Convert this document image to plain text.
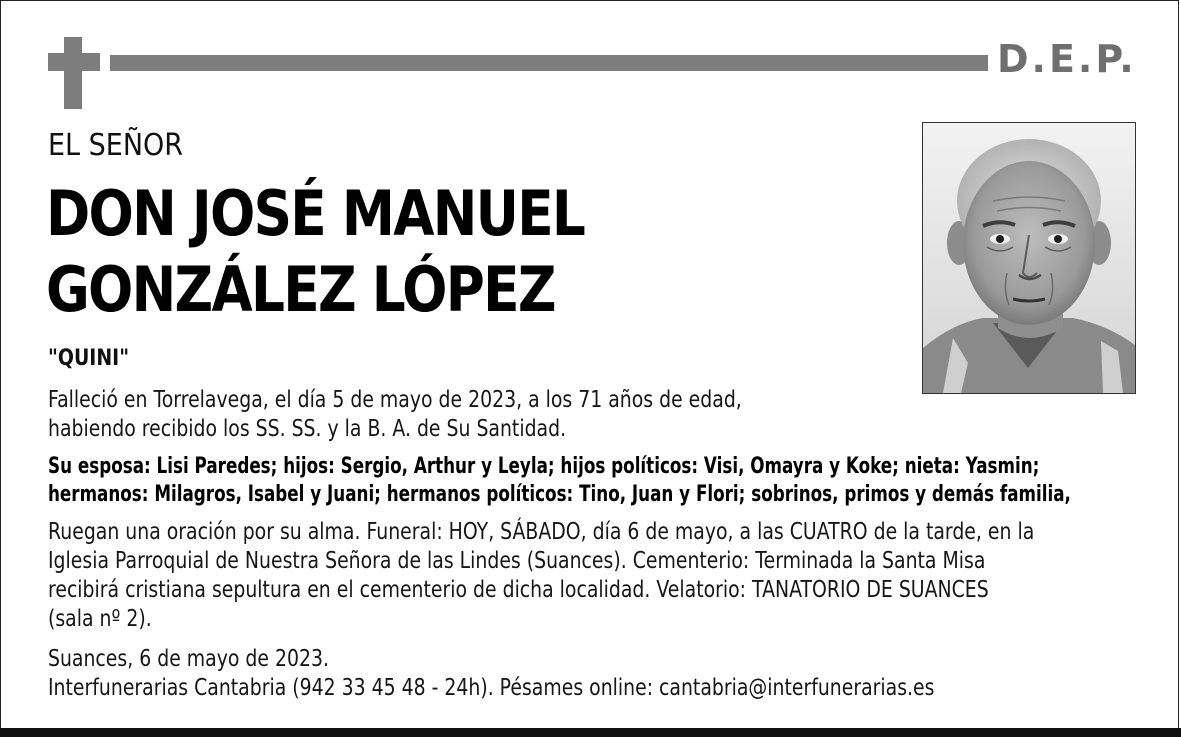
D.E.P.
EL SEÑOR
DON JOSÉ MANUEL
GONZÁLEZ LÓPEZ
"QUINI"
Falleció en Torrelavega, el día 5 de mayo de 2023, a los 71 años de edad,
habiendo recibido los SS. SS. y la B. A. de Su Santidad.
Su esposa: Lisi Paredes; hijos: Sergio, Arthur y Leyla; hijos políticos: Visi, Omayra y Koke; nieta: Yasmin;
hermanos: Milagros, Isabel y Juani; hermanos políticos: Tino, Juan y Flori; sobrinos, primos y demás familia,
Ruegan una oración por su alma. Funeral: HOY, SÁBADO, día 6 de mayo, a las CUATRO de la tarde, en la
Iglesia Parroquial de Nuestra Señora de las Lindes (Suances). Cementerio: Terminada la Santa Misa
recibirá cristiana sepultura en el cementerio de dicha localidad. Velatorio: TANATORIO DE SUANCES
(sala nº 2).
Suances, 6 de mayo de 2023.
Interfunerarias Cantabria (942 33 45 48 - 24h). Pésames online: cantabria@interfunerarias.es
